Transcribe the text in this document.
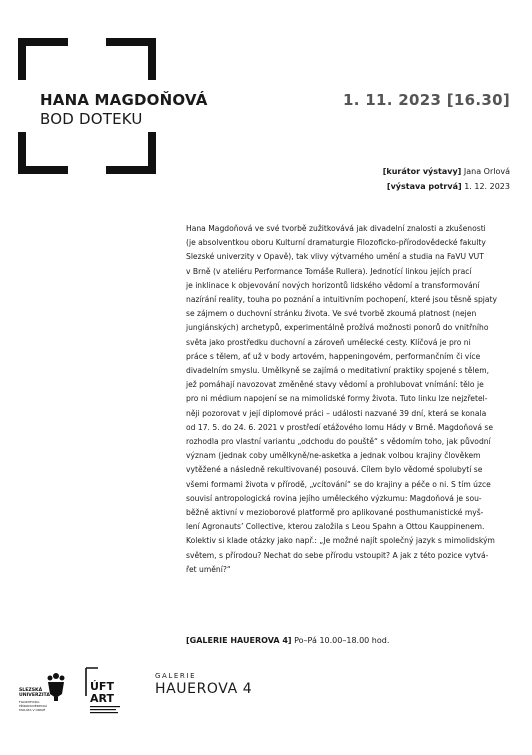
HANA MAGDOŇOVÁ
BOD DOTEKU
1. 11. 2023 [16.30]
[kurátor výstavy] Jana Orlová
[výstava potrvá] 1. 12. 2023

Hana Magdoňová ve své tvorbě zužitkovává jak divadelní znalosti a zkušenosti

(je absolventkou oboru Kulturní dramaturgie Filozoficko-přírodovědecké fakulty

Slezské univerzity v Opavě), tak vlivy výtvarného umění a studia na FaVU VUT

v Brně (v ateliéru Performance Tomáše Rullera). Jednotící linkou jejích prací

je inklinace k objevování nových horizontů lidského vědomí a transformování

nazírání reality, touha po poznání a intuitivním pochopení, které jsou těsně spjaty

se zájmem o duchovní stránku života. Ve své tvorbě zkoumá platnost (nejen

jungiánských) archetypů, experimentálně prožívá možnosti ponorů do vnitřního

světa jako prostředku duchovní a zároveň umělecké cesty. Klíčová je pro ni

práce s tělem, ať už v body artovém, happeningovém, performančním či více

divadelním smyslu. Umělkyně se zajímá o meditativní praktiky spojené s tělem,

jež pomáhají navozovat změněné stavy vědomí a prohlubovat vnímání: tělo je

pro ni médium napojení se na mimolidské formy života. Tuto linku lze nejzřetel-

něji pozorovat v její diplomové práci – události nazvané 39 dní, která se konala

od 17. 5. do 24. 6. 2021 v prostředí etážového lomu Hády v Brně. Magdoňová se

rozhodla pro vlastní variantu „odchodu do pouště“ s vědomím toho, jak původní

význam (jednak coby umělkyně/ne-asketka a jednak volbou krajiny člověkem

vytěžené a následně rekultivované) posouvá. Cílem bylo vědomé spolubytí se

všemi formami života v přírodě, „vcítování“ se do krajiny a péče o ni. S tím úzce

souvisí antropologická rovina jejího uměleckého výzkumu: Magdoňová je sou-

běžně aktivní v mezioborové platformě pro aplikované posthumanistické myš-

lení Agronauts’ Collective, kterou založila s Leou Spahn a Ottou Kauppinenem.

Kolektiv si klade otázky jako např.: „Je možné najít společný jazyk s mimolidským

světem, s přírodou? Nechat do sebe přírodu vstoupit? A jak z této pozice vytvá-

řet umění?“

[GALERIE HAUEROVA 4] Po–Pá 10.00–18.00 hod.
SLEZSKÁ
UNIVERZITA
FILOZOFICKO-
PŘÍRODOVĚDECKÁ
FAKULTA V OPAVĚ
ÚFT
ART
GALERIE
HAUEROVA 4
